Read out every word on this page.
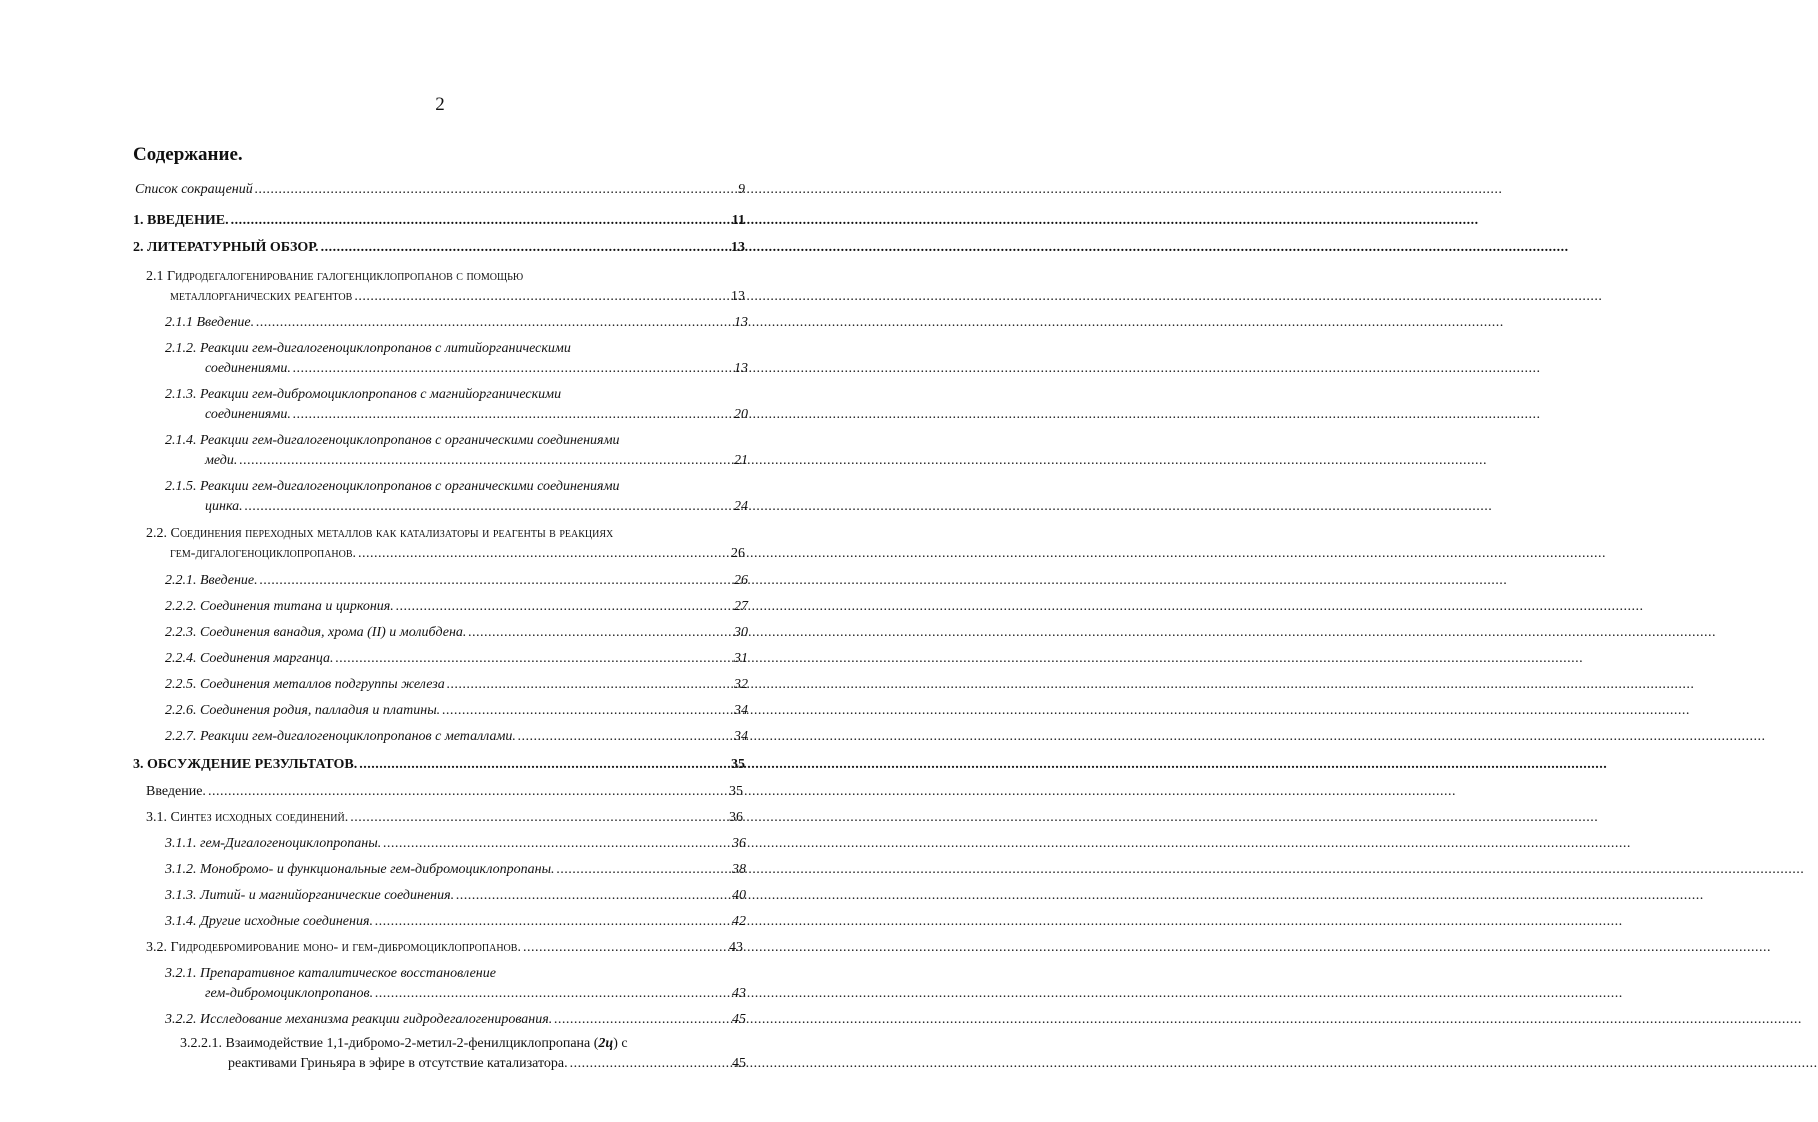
2
Содержание.
Список сокращений .....	9
1. ВВЕДЕНИЕ. .....	11
2. ЛИТЕРАТУРНЫЙ ОБЗОР. .....	13
2.1 Гидродегалогенирование галогенциклопропанов с помощью
металлорганических реагентов .....	13
2.1.1 Введение. .....	13
2.1.2. Реакции гем-дигалогеноциклопропанов с литийорганическими
соединениями. .....	13
2.1.3. Реакции гем-дибромоциклопропанов с магнийорганическими
соединениями. .....	20
2.1.4. Реакции гем-дигалогеноциклопропанов с органическими соединениями
меди. .....	21
2.1.5. Реакции гем-дигалогеноциклопропанов с органическими соединениями
цинка. .....	24
2.2. Соединения переходных металлов как катализаторы и реагенты в реакциях
гем-дигалогеноциклопропанов. .....	26
2.2.1. Введение. .....	26
2.2.2. Соединения титана и циркония. .....	27
2.2.3. Соединения ванадия, хрома (II) и молибдена. .....	30
2.2.4. Соединения марганца. .....	31
2.2.5. Соединения металлов подгруппы железа .....	32
2.2.6. Соединения родия, палладия и платины. .....	34
2.2.7. Реакции гем-дигалогеноциклопропанов с металлами. .....	34
3. ОБСУЖДЕНИЕ РЕЗУЛЬТАТОВ. .....	35
Введение. .....	35
3.1. Синтез исходных соединений. .....	36
3.1.1. гем-Дигалогеноциклопропаны. .....	36
3.1.2. Монобромо- и функциональные гем-дибромоциклопропаны. .....	38
3.1.3. Литий- и магнийорганические соединения. .....	40
3.1.4. Другие исходные соединения. .....	42
3.2. Гидродебромирование моно- и гем-дибромоциклопропанов. .....	43
3.2.1. Препаративное каталитическое восстановление
гем-дибромоциклопропанов. .....	43
3.2.2. Исследование механизма реакции гидродегалогенирования. .....	45
3.2.2.1. Взаимодействие 1,1-дибромо-2-метил-2-фенилциклопропана (2ц) с
реактивами Гриньяра в эфире в отсутствие катализатора. .....	45
